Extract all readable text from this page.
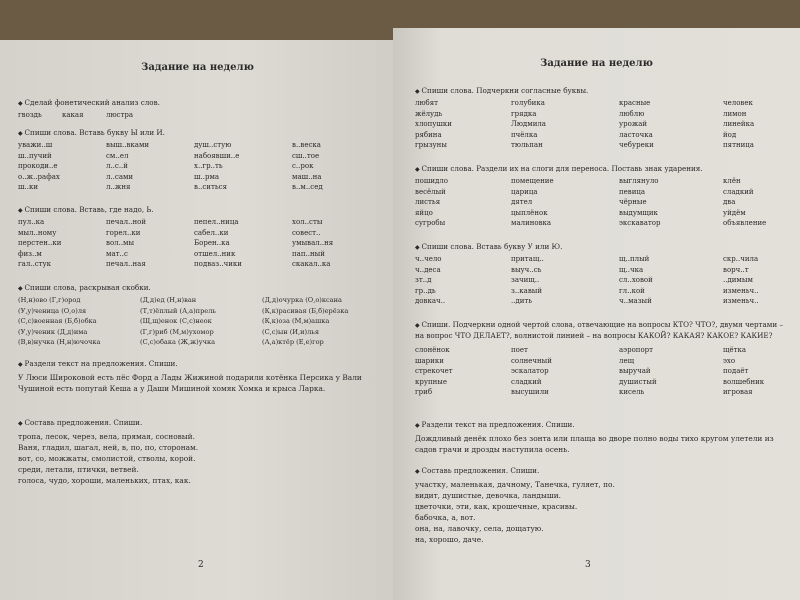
Задание на неделю

◆ Сделай фонетический анализ слов.

гвоздь	какая	люстра

◆ Спиши слова. Вставь букву Ы или И.

уважи..ш	выш..вками	душ..стую	в..веска
ш..пучий	см..ел	набоявши..е	сш..тое
прокоди..е	л..с..й	х..гр..ть	с..рок
о..ж..рафах	л..сами	ш..рма	маш..на
ш..ки	л..жня	в..ситься	в..м..сед

◆ Спиши слова. Вставь, где надо, Ь.

пул..ка	печал..ной	пепел..ница	хол..сты
мыл..ному	горел..ки	сабел..ки	совест..
перстен..ки	вол..мы	Борен..ка	умывал..ня
физ..м	мат..с	отшел..ник	пап..ный
гал..стук	печал..ная	подваз..чики	скакал..ка

◆ Спиши слова, раскрывая скобки.

(Н,н)ово (Г,г)ород	(Д,д)ед (Н,н)ван	(Д,д)очурка (О,о)ксана
(У,у)ченица (О,о)ля	(Т,т)ёплый (А,а)прель	(К,к)расивая (Б,б)ерёзка
(С,с)военная (Б,б)обка	(Щ,щ)енок (С,с)неок	(К,к)оза (М,м)ашка
(У,у)ченик (Д,д)има	(Г,г)риб (М,м)ухомор	(С,с)ын (И,и)лья
(В,в)нучка (Н,н)ючочка	(С,с)обака (Ж,ж)учка	(А,а)ктёр (Е,е)гор

◆ Раздели текст на предложения. Спиши.

У Люси Широковой есть пёс Форд а Лады Жижиной подарили котёнка Персика у Вали Чушиной есть попугай Кеша а у Даши Мишиной хомяк Хомка и крыса Ларка.

◆ Составь предложения. Спиши.

тропа, лесок, через, вела, прямая, сосновый.
Ваня, гладил, шагал, ней, в, по, по, сторонам.
вот, со, можжаты, смолистой, стволы, корой.
среди, летали, птички, ветвей.
голоса, чудо, хороши, маленьких, птах, как.
2
Задание на неделю

◆ Спиши слова. Подчеркни согласные буквы.

любят	голубика	красные	человек
жёлудь	грядка	люблю	лимон
хлопушки	Людмила	урожай	линейка
рябина	пчёлка	ласточка	йод
грызуны	тюльпан	чебуреки	пятница

◆ Спиши слова. Раздели их на слоги для переноса. Поставь знак ударения.

пошидло	помещение	выглянуло	клён
весёлый	царица	певица	сладкий
листья	дятел	чёрные	два
яйцо	цыплёнок	выдумщик	уйдём
сугробы	малиновка	экскаватор	объявление

◆ Спиши слова. Вставь букву У или Ю.

ч..чело	притащ..	щ..плый	скр..чила
ч..деса	выуч..сь	щ..чка	ворч..т
зт..д	зачищ..	сл..ховой	..димым
гр..дь	з..кавый	гл..кой	изменьч..
довкач..	..дить	ч..мазый	изменьч..

◆ Спиши. Подчеркни одной чертой слова, отвечающие на вопросы КТО? ЧТО?, двумя чертами – на вопрос ЧТО ДЕЛАЕТ?, волнистой линией – на вопросы КАКОЙ? КАКАЯ? КАКОЕ? КАКИЕ?

слонёнок	поет	аэропорт	щётка
шарики	солнечный	лещ	эхо
стрекочет	эскалатор	выручай	подаёт
крупные	сладкий	душистый	волшебник
гриб	высушили	кисель	игровая

◆ Раздели текст на предложения. Спиши.

Дождливый денёк плохо без зонта или плаща во дворе полно воды тихо кругом улетели из садов грачи и дрозды наступила осень.

◆ Составь предложения. Спиши.

участку, маленькая, дачному, Танечка, гуляет, по.
видит, душистые, девочка, ландыши.
цветочки, эти, как, крошечные, красивы.
бабочка, а, вот.
она, на, лавочку, села, дощатую.
на, хорошо, даче.
3
